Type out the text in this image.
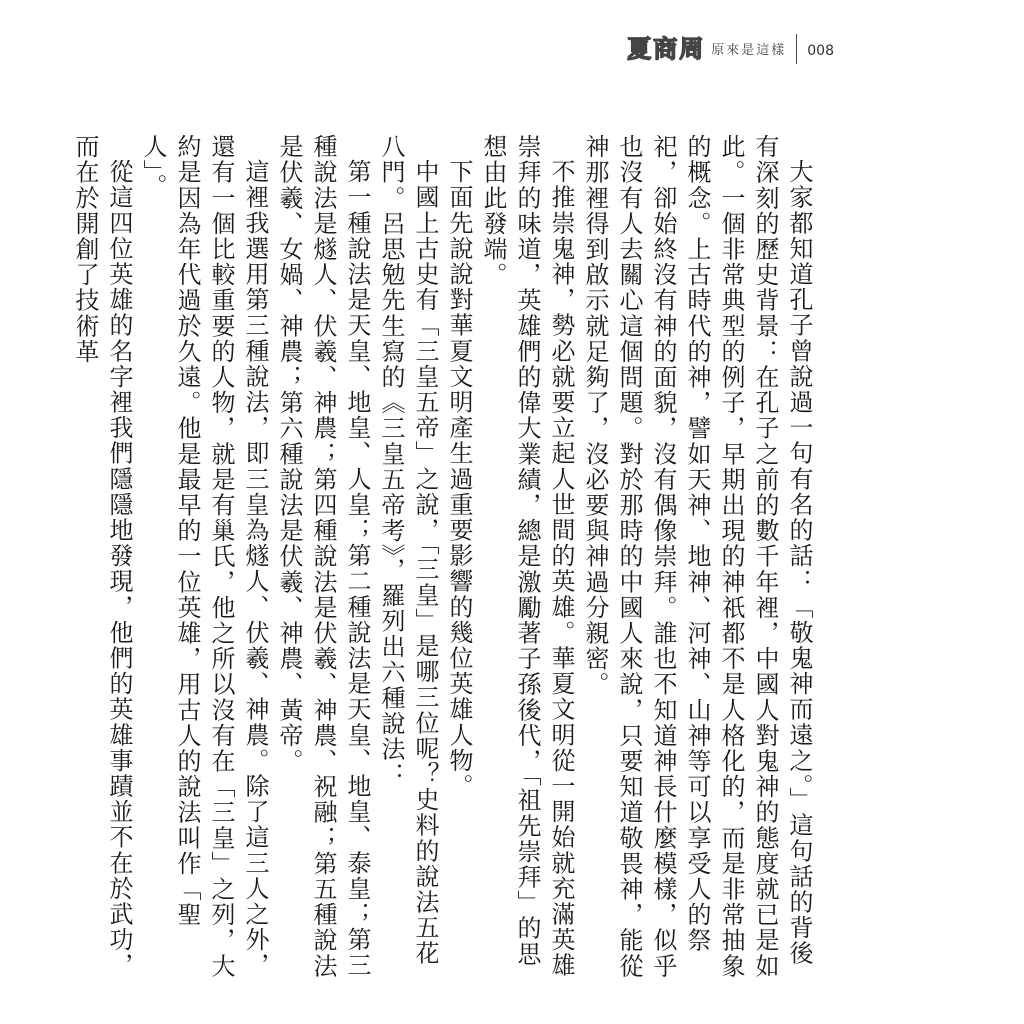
夏商周 原來是這樣 008

大家都知道孔子曾說過一句有名的話：「敬鬼神而遠之。」這句話的背後有深刻的歷史背景：在孔子之前的數千年裡，中國人對鬼神的態度就已是如此。一個非常典型的例子，早期出現的神祇都不是人格化的，而是非常抽象的概念。上古時代的神，譬如天神、地神、河神、山神等可以享受人的祭祀，卻始終沒有神的面貌，沒有偶像崇拜。誰也不知道神長什麼模樣，似乎也沒有人去關心這個問題。對於那時的中國人來說，只要知道敬畏神，能從神那裡得到啟示就足夠了，沒必要與神過分親密。

不推崇鬼神，勢必就要立起人世間的英雄。華夏文明從一開始就充滿英雄崇拜的味道，英雄們的偉大業績，總是激勵著子孫後代，「祖先崇拜」的思想由此發端。

下面先說說對華夏文明產生過重要影響的幾位英雄人物。

中國上古史有「三皇五帝」之說，「三皇」是哪三位呢？史料的說法五花八門。呂思勉先生寫的《三皇五帝考》，羅列出六種說法：

第一種說法是天皇、地皇、人皇；第二種說法是天皇、地皇、泰皇；第三種說法是燧人、伏羲、神農；第四種說法是伏羲、神農、祝融；第五種說法是伏羲、女媧、神農；第六種說法是伏羲、神農、黃帝。

這裡我選用第三種說法，即三皇為燧人、伏羲、神農。除了這三人之外，還有一個比較重要的人物，就是有巢氏，他之所以沒有在「三皇」之列，大約是因為年代過於久遠。他是最早的一位英雄，用古人的說法叫作「聖人」。

從這四位英雄的名字裡我們隱隱地發現，他們的英雄事蹟並不在於武功，而在於開創了技術革
